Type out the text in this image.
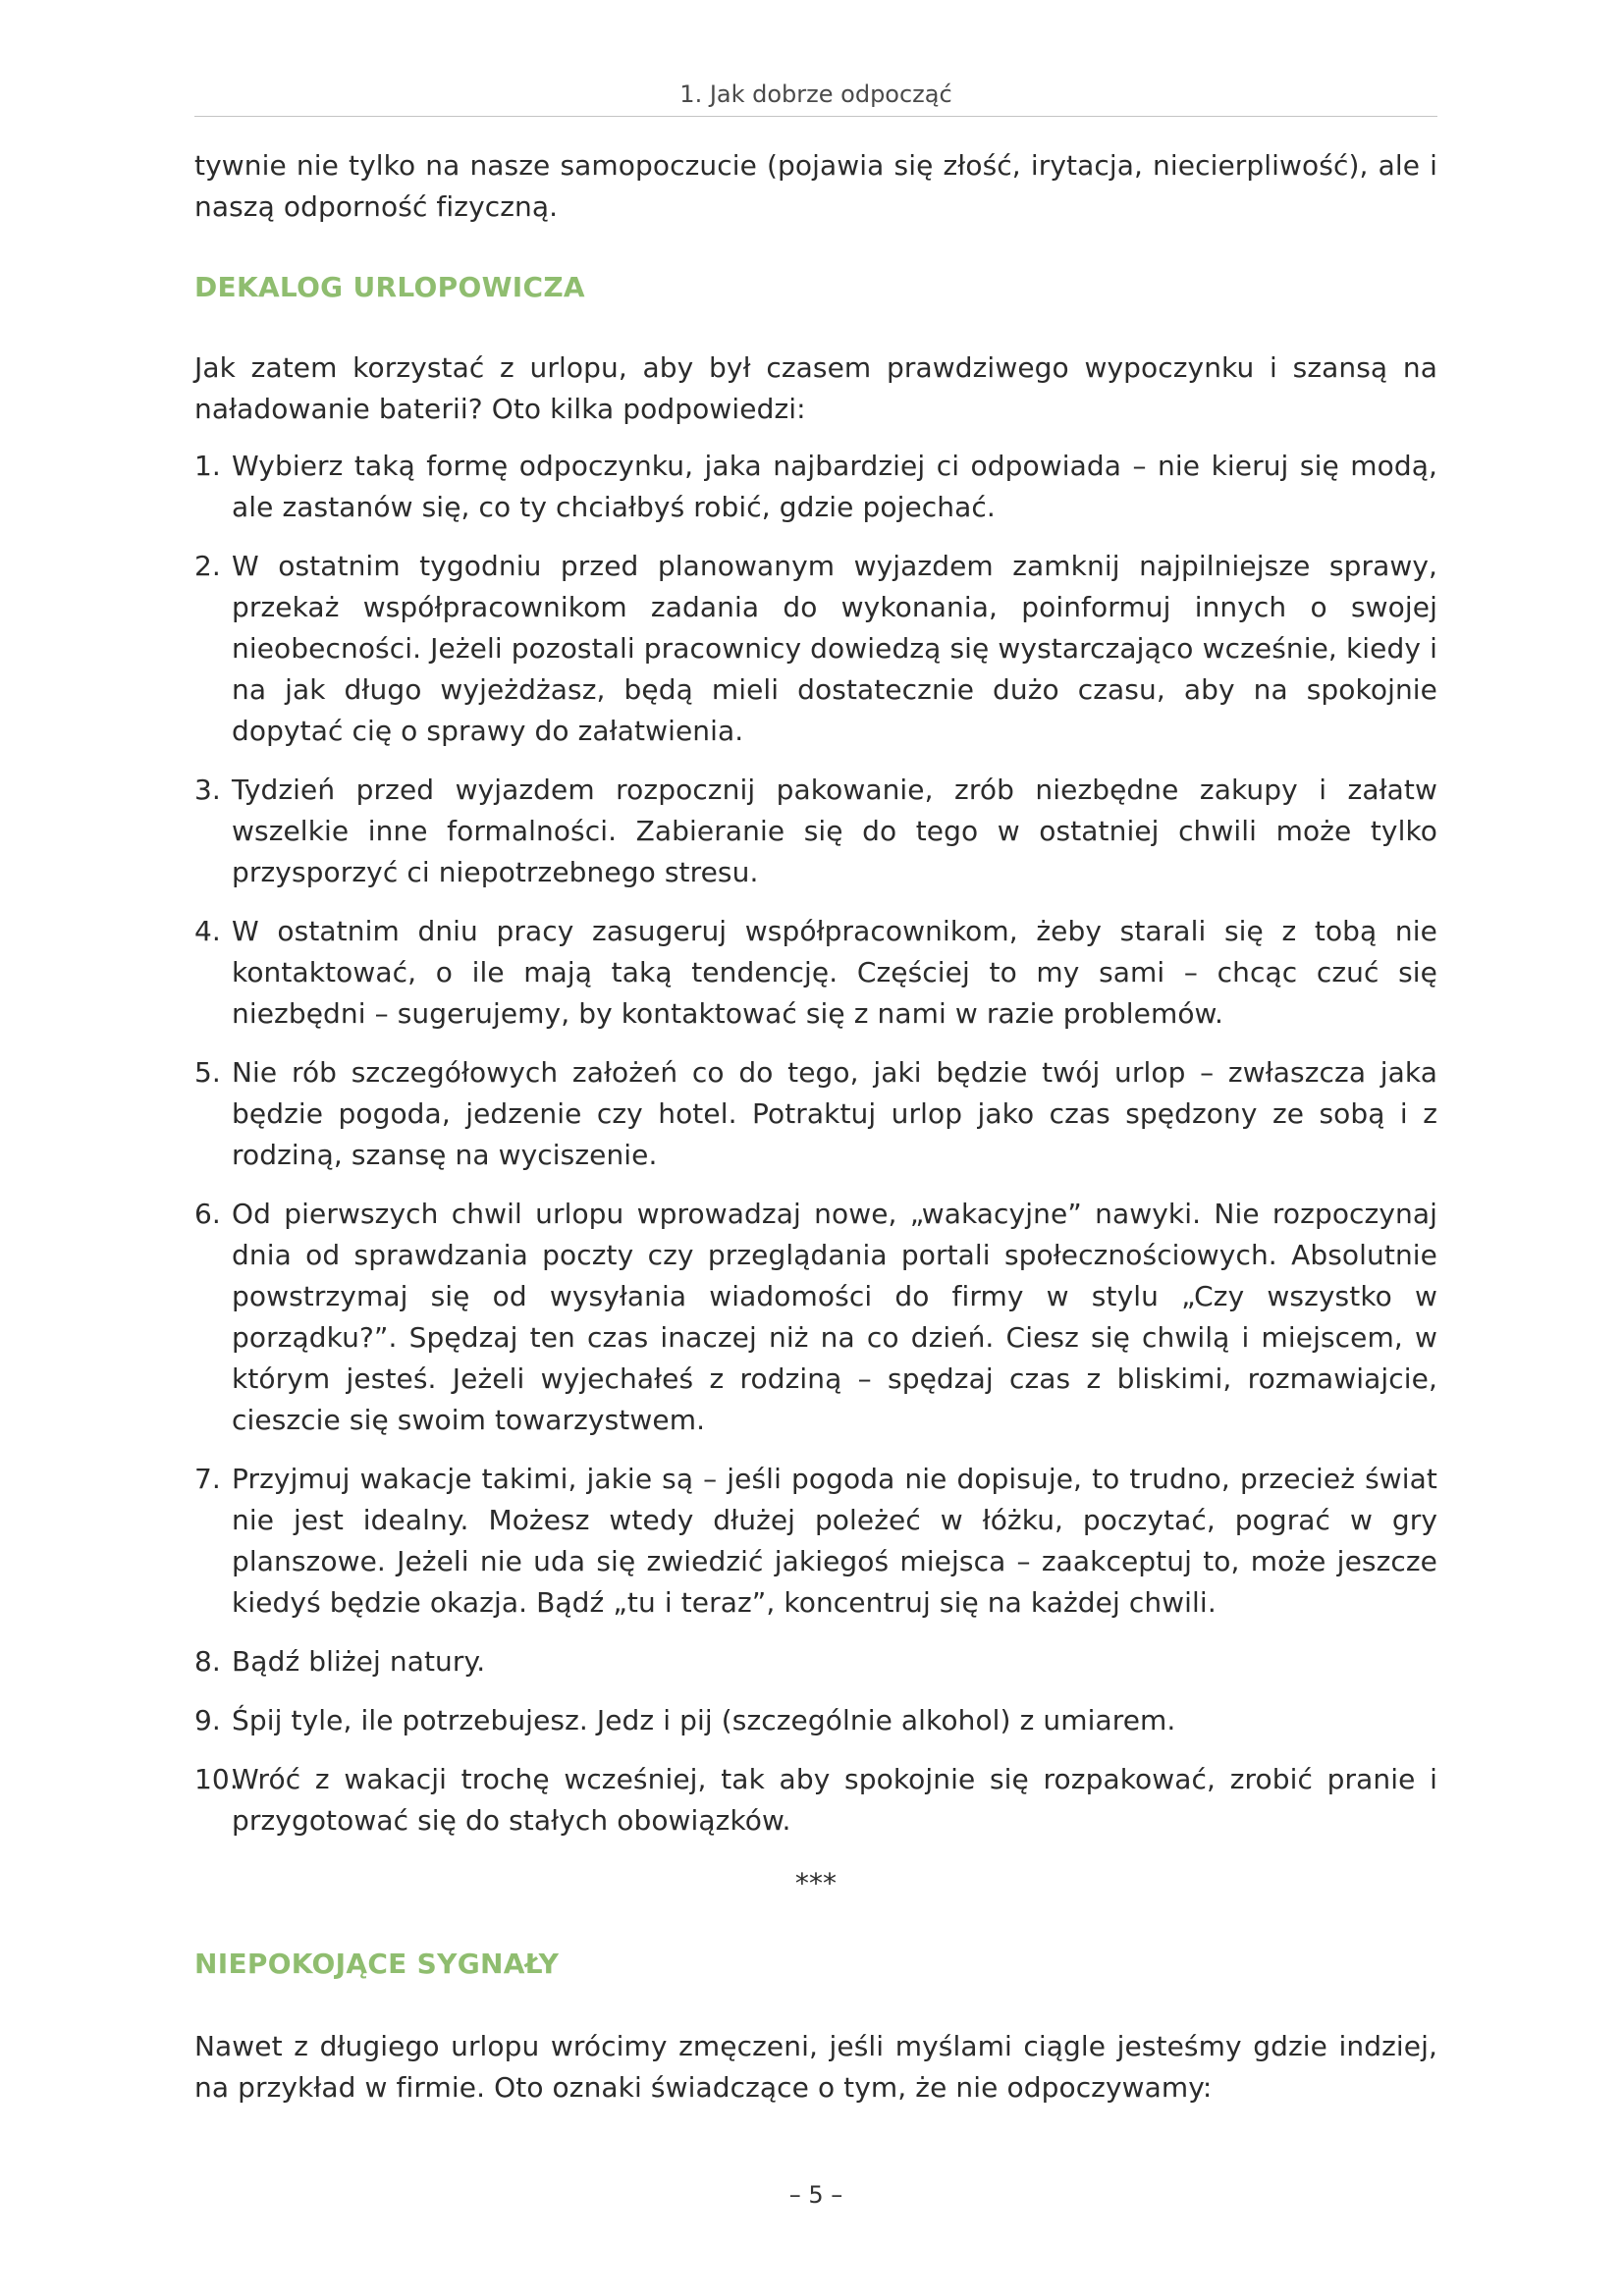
1. Jak dobrze odpocząć

tywnie nie tylko na nasze samopoczucie (pojawia się złość, irytacja, niecierpliwość), ale i naszą odporność fizyczną.

DEKALOG URLOPOWICZA

Jak zatem korzystać z urlopu, aby był czasem prawdziwego wypoczynku i szansą na naładowanie baterii? Oto kilka podpowiedzi:

1. Wybierz taką formę odpoczynku, jaka najbardziej ci odpowiada – nie kieruj się modą, ale zastanów się, co ty chciałbyś robić, gdzie pojechać.
2. W ostatnim tygodniu przed planowanym wyjazdem zamknij najpilniejsze sprawy, przekaż współpracownikom zadania do wykonania, poinformuj innych o swojej nieobecności. Jeżeli pozostali pracownicy dowiedzą się wystarczająco wcześnie, kiedy i na jak długo wyjeżdżasz, będą mieli dostatecznie dużo czasu, aby na spokojnie dopytać cię o sprawy do załatwienia.
3. Tydzień przed wyjazdem rozpocznij pakowanie, zrób niezbędne zakupy i załatw wszelkie inne formalności. Zabieranie się do tego w ostatniej chwili może tylko przysporzyć ci niepotrzebnego stresu.
4. W ostatnim dniu pracy zasugeruj współpracownikom, żeby starali się z tobą nie kontaktować, o ile mają taką tendencję. Częściej to my sami – chcąc czuć się niezbędni – sugerujemy, by kontaktować się z nami w razie problemów.
5. Nie rób szczegółowych założeń co do tego, jaki będzie twój urlop – zwłaszcza jaka będzie pogoda, jedzenie czy hotel. Potraktuj urlop jako czas spędzony ze sobą i z rodziną, szansę na wyciszenie.
6. Od pierwszych chwil urlopu wprowadzaj nowe, „wakacyjne” nawyki. Nie rozpoczynaj dnia od sprawdzania poczty czy przeglądania portali społecznościowych. Absolutnie powstrzymaj się od wysyłania wiadomości do firmy w stylu „Czy wszystko w porządku?”. Spędzaj ten czas inaczej niż na co dzień. Ciesz się chwilą i miejscem, w którym jesteś. Jeżeli wyjechałeś z rodziną – spędzaj czas z bliskimi, rozmawiajcie, cieszcie się swoim towarzystwem.
7. Przyjmuj wakacje takimi, jakie są – jeśli pogoda nie dopisuje, to trudno, przecież świat nie jest idealny. Możesz wtedy dłużej poleżeć w łóżku, poczytać, pograć w gry planszowe. Jeżeli nie uda się zwiedzić jakiegoś miejsca – zaakceptuj to, może jeszcze kiedyś będzie okazja. Bądź „tu i teraz”, koncentruj się na każdej chwili.
8. Bądź bliżej natury.
9. Śpij tyle, ile potrzebujesz. Jedz i pij (szczególnie alkohol) z umiarem.
10.
Wróć z wakacji trochę wcześniej, tak aby spokojnie się rozpakować, zrobić pranie i przygotować się do stałych obowiązków.
***
NIEPOKOJĄCE SYGNAŁY

Nawet z długiego urlopu wrócimy zmęczeni, jeśli myślami ciągle jesteśmy gdzie indziej, na przykład w firmie. Oto oznaki świadczące o tym, że nie odpoczywamy:

– 5 –
